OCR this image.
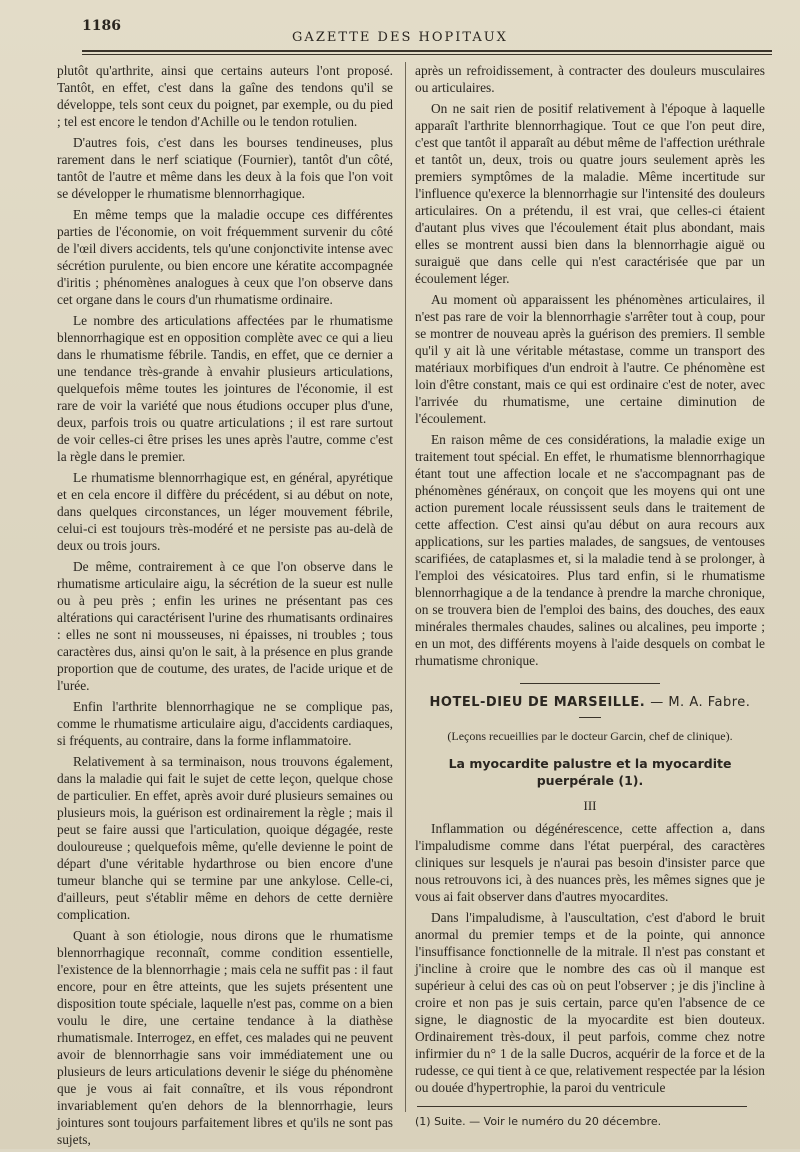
1186
GAZETTE DES HOPITAUX

plutôt qu'arthrite, ainsi que certains auteurs l'ont proposé. Tantôt, en effet, c'est dans la gaîne des tendons qu'il se développe, tels sont ceux du poignet, par exemple, ou du pied ; tel est encore le tendon d'Achille ou le tendon rotulien.

D'autres fois, c'est dans les bourses tendineuses, plus rarement dans le nerf sciatique (Fournier), tantôt d'un côté, tantôt de l'autre et même dans les deux à la fois que l'on voit se développer le rhumatisme blennorrhagique.

En même temps que la maladie occupe ces différentes parties de l'économie, on voit fréquemment survenir du côté de l'œil divers accidents, tels qu'une conjonctivite intense avec sécrétion purulente, ou bien encore une kératite accompagnée d'iritis ; phénomènes analogues à ceux que l'on observe dans cet organe dans le cours d'un rhumatisme ordinaire.

Le nombre des articulations affectées par le rhumatisme blennorrhagique est en opposition complète avec ce qui a lieu dans le rhumatisme fébrile. Tandis, en effet, que ce dernier a une tendance très-grande à envahir plusieurs articulations, quelquefois même toutes les jointures de l'économie, il est rare de voir la variété que nous étudions occuper plus d'une, deux, parfois trois ou quatre articulations ; il est rare surtout de voir celles-ci être prises les unes après l'autre, comme c'est la règle dans le premier.

Le rhumatisme blennorrhagique est, en général, apyrétique et en cela encore il diffère du précédent, si au début on note, dans quelques circonstances, un léger mouvement fébrile, celui-ci est toujours très-modéré et ne persiste pas au-delà de deux ou trois jours.

De même, contrairement à ce que l'on observe dans le rhumatisme articulaire aigu, la sécrétion de la sueur est nulle ou à peu près ; enfin les urines ne présentant pas ces altérations qui caractérisent l'urine des rhumatisants ordinaires : elles ne sont ni mousseuses, ni épaisses, ni troubles ; tous caractères dus, ainsi qu'on le sait, à la présence en plus grande proportion que de coutume, des urates, de l'acide urique et de l'urée.

Enfin l'arthrite blennorrhagique ne se complique pas, comme le rhumatisme articulaire aigu, d'accidents cardiaques, si fréquents, au contraire, dans la forme inflammatoire.

Relativement à sa terminaison, nous trouvons également, dans la maladie qui fait le sujet de cette leçon, quelque chose de particulier. En effet, après avoir duré plusieurs semaines ou plusieurs mois, la guérison est ordinairement la règle ; mais il peut se faire aussi que l'articulation, quoique dégagée, reste douloureuse ; quelquefois même, qu'elle devienne le point de départ d'une véritable hydarthrose ou bien encore d'une tumeur blanche qui se termine par une ankylose. Celle-ci, d'ailleurs, peut s'établir même en dehors de cette dernière complication.

Quant à son étiologie, nous dirons que le rhumatisme blennorrhagique reconnaît, comme condition essentielle, l'existence de la blennorrhagie ; mais cela ne suffit pas : il faut encore, pour en être atteints, que les sujets présentent une disposition toute spéciale, laquelle n'est pas, comme on a bien voulu le dire, une certaine tendance à la diathèse rhumatismale. Interrogez, en effet, ces malades qui ne peuvent avoir de blennorrhagie sans voir immédiatement une ou plusieurs de leurs articulations devenir le siége du phénomène que je vous ai fait connaître, et ils vous répondront invariablement qu'en dehors de la blennorrhagie, leurs jointures sont toujours parfaitement libres et qu'ils ne sont pas sujets,

après un refroidissement, à contracter des douleurs musculaires ou articulaires.

On ne sait rien de positif relativement à l'époque à laquelle apparaît l'arthrite blennorrhagique. Tout ce que l'on peut dire, c'est que tantôt il apparaît au début même de l'affection uréthrale et tantôt un, deux, trois ou quatre jours seulement après les premiers symptômes de la maladie. Même incertitude sur l'influence qu'exerce la blennorrhagie sur l'intensité des douleurs articulaires. On a prétendu, il est vrai, que celles-ci étaient d'autant plus vives que l'écoulement était plus abondant, mais elles se montrent aussi bien dans la blennorrhagie aiguë ou suraiguë que dans celle qui n'est caractérisée que par un écoulement léger.

Au moment où apparaissent les phénomènes articulaires, il n'est pas rare de voir la blennorrhagie s'arrêter tout à coup, pour se montrer de nouveau après la guérison des premiers. Il semble qu'il y ait là une véritable métastase, comme un transport des matériaux morbifiques d'un endroit à l'autre. Ce phénomène est loin d'être constant, mais ce qui est ordinaire c'est de noter, avec l'arrivée du rhumatisme, une certaine diminution de l'écoulement.

En raison même de ces considérations, la maladie exige un traitement tout spécial. En effet, le rhumatisme blennorrhagique étant tout une affection locale et ne s'accompagnant pas de phénomènes généraux, on conçoit que les moyens qui ont une action purement locale réussissent seuls dans le traitement de cette affection. C'est ainsi qu'au début on aura recours aux applications, sur les parties malades, de sangsues, de ventouses scarifiées, de cataplasmes et, si la maladie tend à se prolonger, à l'emploi des vésicatoires. Plus tard enfin, si le rhumatisme blennorrhagique a de la tendance à prendre la marche chronique, on se trouvera bien de l'emploi des bains, des douches, des eaux minérales thermales chaudes, salines ou alcalines, peu importe ; en un mot, des différents moyens à l'aide desquels on combat le rhumatisme chronique.

HOTEL-DIEU DE MARSEILLE. — M. A. Fabre.
(Leçons recueillies par le docteur Garcin, chef de clinique).
La myocardite palustre et la myocardite puerpérale (1).
III

Inflammation ou dégénérescence, cette affection a, dans l'impaludisme comme dans l'état puerpéral, des caractères cliniques sur lesquels je n'aurai pas besoin d'insister parce que nous retrouvons ici, à des nuances près, les mêmes signes que je vous ai fait observer dans d'autres myocardites.

Dans l'impaludisme, à l'auscultation, c'est d'abord le bruit anormal du premier temps et de la pointe, qui annonce l'insuffisance fonctionnelle de la mitrale. Il n'est pas constant et j'incline à croire que le nombre des cas où il manque est supérieur à celui des cas où on peut l'observer ; je dis j'incline à croire et non pas je suis certain, parce qu'en l'absence de ce signe, le diagnostic de la myocardite est bien douteux. Ordinairement très-doux, il peut parfois, comme chez notre infirmier du n° 1 de la salle Ducros, acquérir de la force et de la rudesse, ce qui tient à ce que, relativement respectée par la lésion ou douée d'hypertrophie, la paroi du ventricule

(1) Suite. — Voir le numéro du 20 décembre.
